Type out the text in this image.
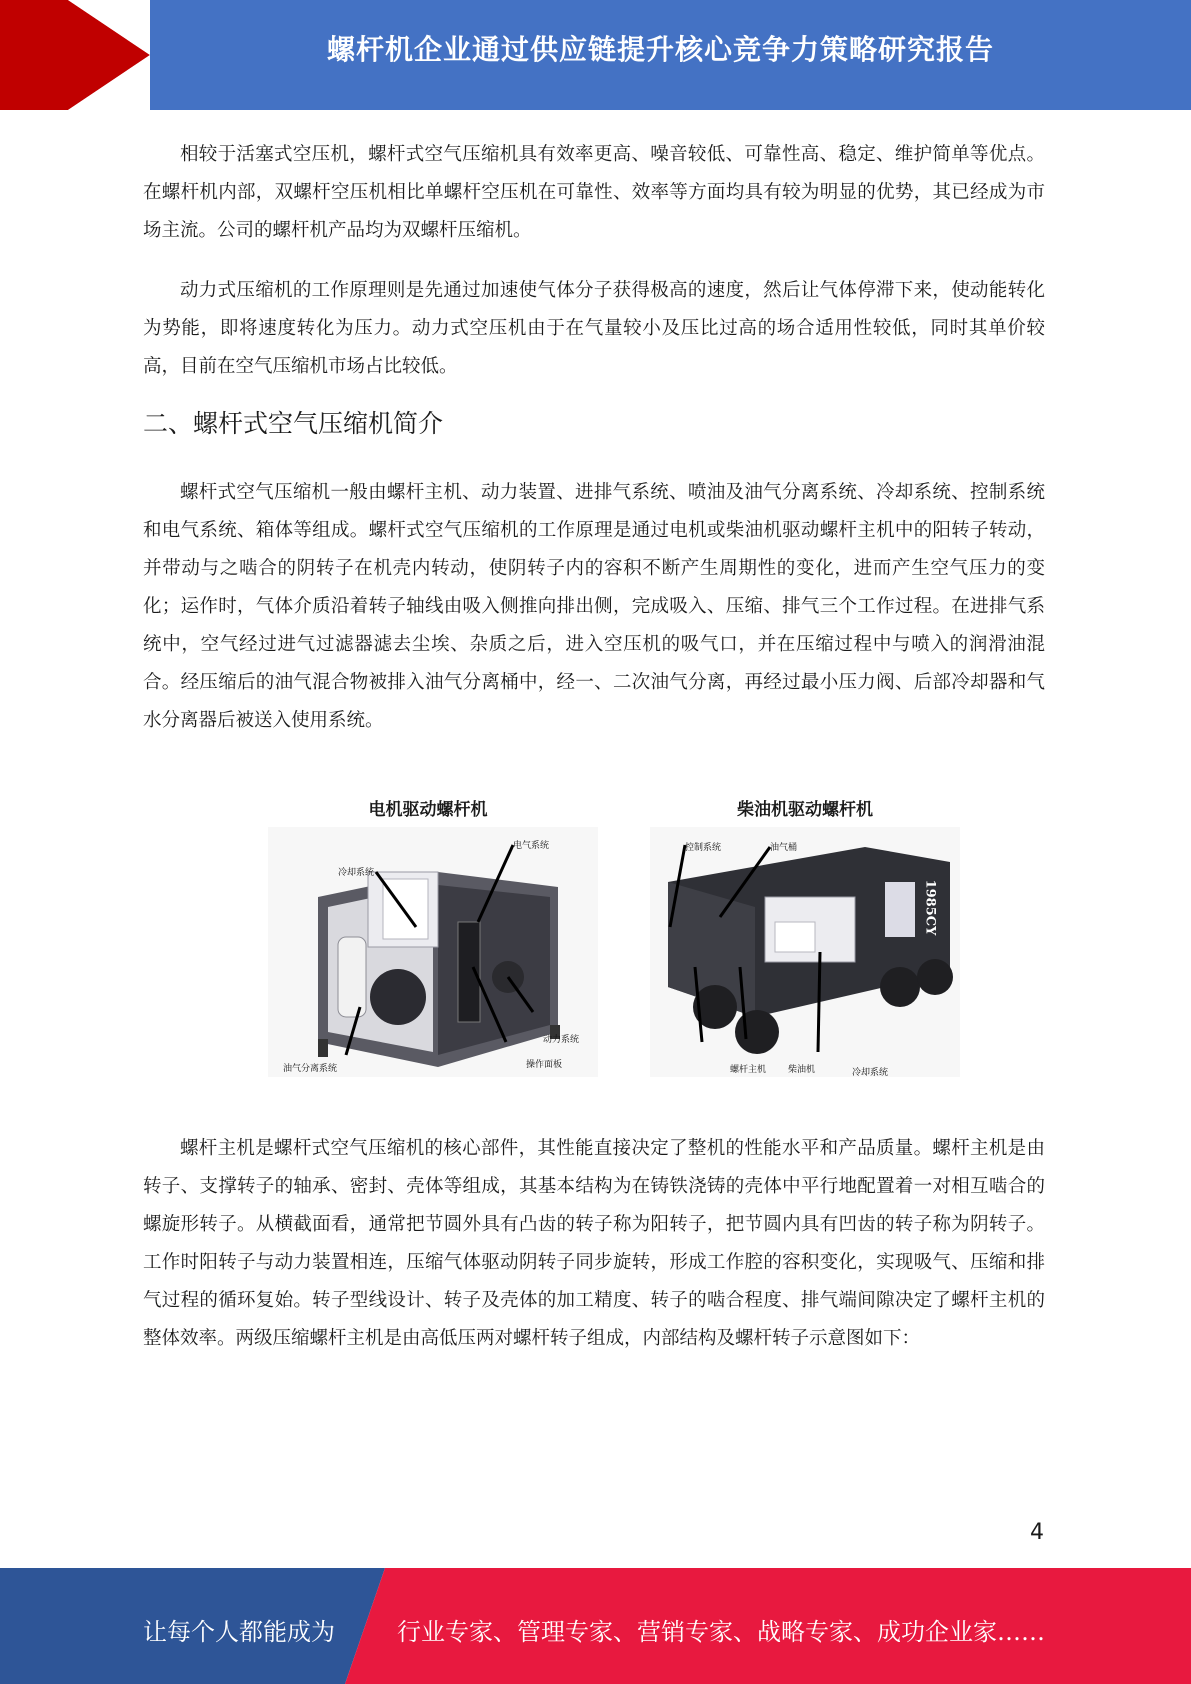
螺杆机企业通过供应链提升核心竞争力策略研究报告

相较于活塞式空压机，螺杆式空气压缩机具有效率更高、噪音较低、可靠性高、稳定、维护简单等优点。在螺杆机内部，双螺杆空压机相比单螺杆空压机在可靠性、效率等方面均具有较为明显的优势，其已经成为市场主流。公司的螺杆机产品均为双螺杆压缩机。

动力式压缩机的工作原理则是先通过加速使气体分子获得极高的速度，然后让气体停滞下来，使动能转化为势能，即将速度转化为压力。动力式空压机由于在气量较小及压比过高的场合适用性较低，同时其单价较高，目前在空气压缩机市场占比较低。

二、螺杆式空气压缩机简介

螺杆式空气压缩机一般由螺杆主机、动力装置、进排气系统、喷油及油气分离系统、冷却系统、控制系统和电气系统、箱体等组成。螺杆式空气压缩机的工作原理是通过电机或柴油机驱动螺杆主机中的阳转子转动，并带动与之啮合的阴转子在机壳内转动，使阴转子内的容积不断产生周期性的变化，进而产生空气压力的变化；运作时，气体介质沿着转子轴线由吸入侧推向排出侧，完成吸入、压缩、排气三个工作过程。在进排气系统中，空气经过进气过滤器滤去尘埃、杂质之后，进入空压机的吸气口，并在压缩过程中与喷入的润滑油混合。经压缩后的油气混合物被排入油气分离桶中，经一、二次油气分离，再经过最小压力阀、后部冷却器和气水分离器后被送入使用系统。

电机驱动螺杆机
冷却系统
电气系统
动力系统
操作面板
油气分离系统
柴油机驱动螺杆机
1985CY
控制系统	油气桶
螺杆主机 柴油机	冷却系统

螺杆主机是螺杆式空气压缩机的核心部件，其性能直接决定了整机的性能水平和产品质量。螺杆主机是由转子、支撑转子的轴承、密封、壳体等组成，其基本结构为在铸铁浇铸的壳体中平行地配置着一对相互啮合的螺旋形转子。从横截面看，通常把节圆外具有凸齿的转子称为阳转子，把节圆内具有凹齿的转子称为阴转子。工作时阳转子与动力装置相连，压缩气体驱动阴转子同步旋转，形成工作腔的容积变化，实现吸气、压缩和排气过程的循环复始。转子型线设计、转子及壳体的加工精度、转子的啮合程度、排气端间隙决定了螺杆主机的整体效率。两级压缩螺杆主机是由高低压两对螺杆转子组成，内部结构及螺杆转子示意图如下：

4
让每个人都能成为	行业专家、管理专家、营销专家、战略专家、成功企业家……
